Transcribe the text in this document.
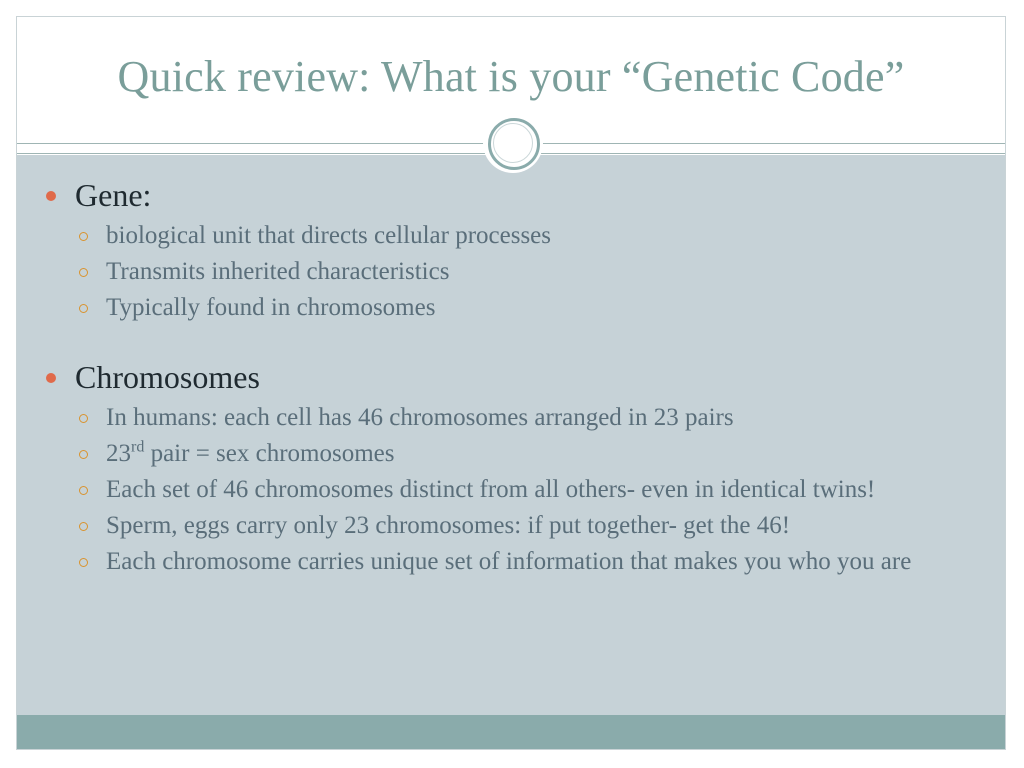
Quick review: What is your “Genetic Code”
Gene:
biological unit that directs cellular processes
Transmits inherited characteristics
Typically found in chromosomes
Chromosomes
In humans: each cell has 46 chromosomes arranged in 23 pairs
23rd pair = sex chromosomes
Each set of 46 chromosomes distinct from all others- even in identical twins!
Sperm, eggs carry only 23 chromosomes: if put together- get the 46!
Each chromosome carries unique set of information that makes you who you are
